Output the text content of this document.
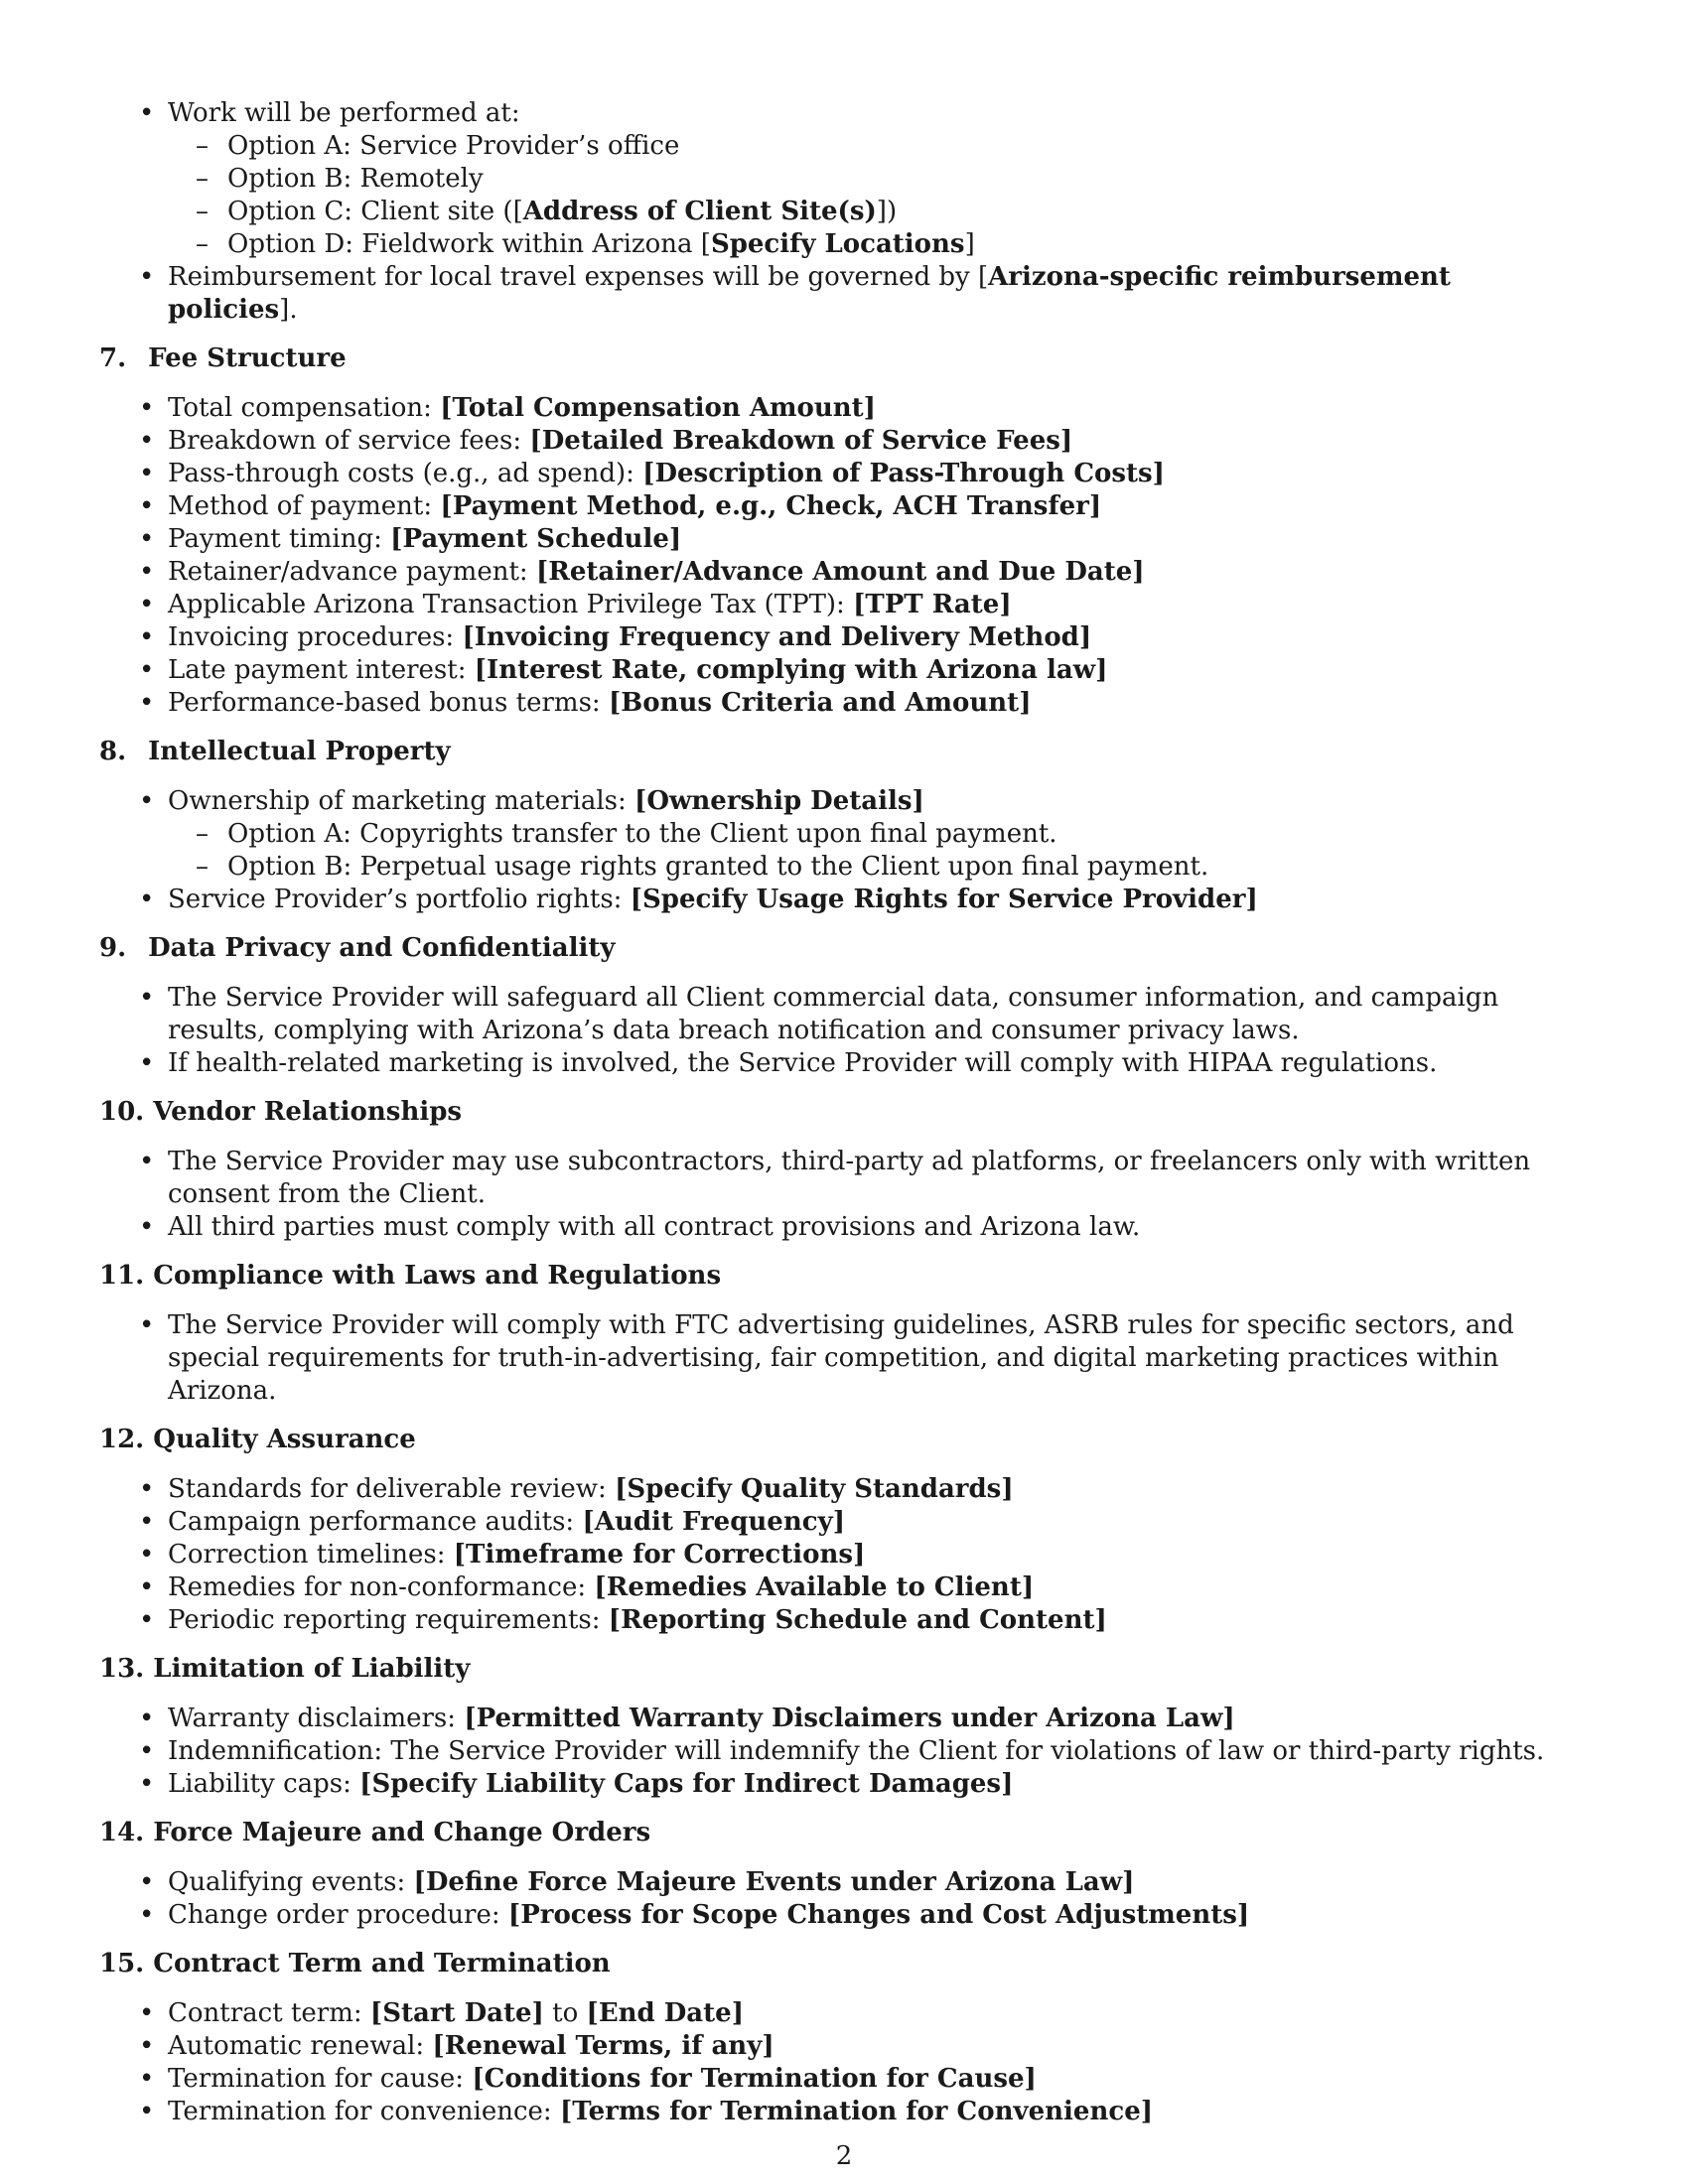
• Work will be performed at:
– Option A: Service Provider’s office
– Option B: Remotely
– Option C: Client site ([Address of Client Site(s)])
– Option D: Fieldwork within Arizona [Specify Locations]
• Reimbursement for local travel expenses will be governed by [Arizona-specific reimbursement policies].
7. Fee Structure
• Total compensation: [ Total Compensation Amount ]
• Breakdown of service fees: [ Detailed Breakdown of Service Fees ]
• Pass-through costs (e.g., ad spend): [ Description of Pass-Through Costs ]
• Method of payment: [ Payment Method, e.g., Check, ACH Transfer ]
• Payment timing: [ Payment Schedule ]
• Retainer/advance payment: [ Retainer/Advance Amount and Due Date ]
• Applicable Arizona Transaction Privilege Tax (TPT): [ TPT Rate ]
• Invoicing procedures: [ Invoicing Frequency and Delivery Method ]
• Late payment interest: [ Interest Rate, complying with Arizona law ]
• Performance-based bonus terms: [ Bonus Criteria and Amount ]
8. Intellectual Property
• Ownership of marketing materials: [ Ownership Details ]
– Option A: Copyrights transfer to the Client upon final payment.
– Option B: Perpetual usage rights granted to the Client upon final payment.
• Service Provider’s portfolio rights: [ Specify Usage Rights for Service Provider ]
9. Data Privacy and Confidentiality
• The Service Provider will safeguard all Client commercial data, consumer information, and campaign results, complying with Arizona’s data breach notification and consumer privacy laws.
• If health-related marketing is involved, the Service Provider will comply with HIPAA regulations.
10. Vendor Relationships
• The Service Provider may use subcontractors, third-party ad platforms, or freelancers only with written consent from the Client.
• All third parties must comply with all contract provisions and Arizona law.
11. Compliance with Laws and Regulations
• The Service Provider will comply with FTC advertising guidelines, ASRB rules for specific sectors, and special requirements for truth-in-advertising, fair competition, and digital marketing practices within Arizona.
12. Quality Assurance
• Standards for deliverable review: [ Specify Quality Standards ]
• Campaign performance audits: [ Audit Frequency ]
• Correction timelines: [ Timeframe for Corrections ]
• Remedies for non-conformance: [ Remedies Available to Client ]
• Periodic reporting requirements: [ Reporting Schedule and Content ]
13. Limitation of Liability
• Warranty disclaimers: [ Permitted Warranty Disclaimers under Arizona Law ]
• Indemnification: The Service Provider will indemnify the Client for violations of law or third-party rights.
• Liability caps: [ Specify Liability Caps for Indirect Damages ]
14. Force Majeure and Change Orders
• Qualifying events: [ Define Force Majeure Events under Arizona Law ]
• Change order procedure: [ Process for Scope Changes and Cost Adjustments ]
15. Contract Term and Termination
• Contract term: [ Start Date ] to [ End Date ]
• Automatic renewal: [ Renewal Terms, if any ]
• Termination for cause: [ Conditions for Termination for Cause ]
• Termination for convenience: [ Terms for Termination for Convenience ]
2
